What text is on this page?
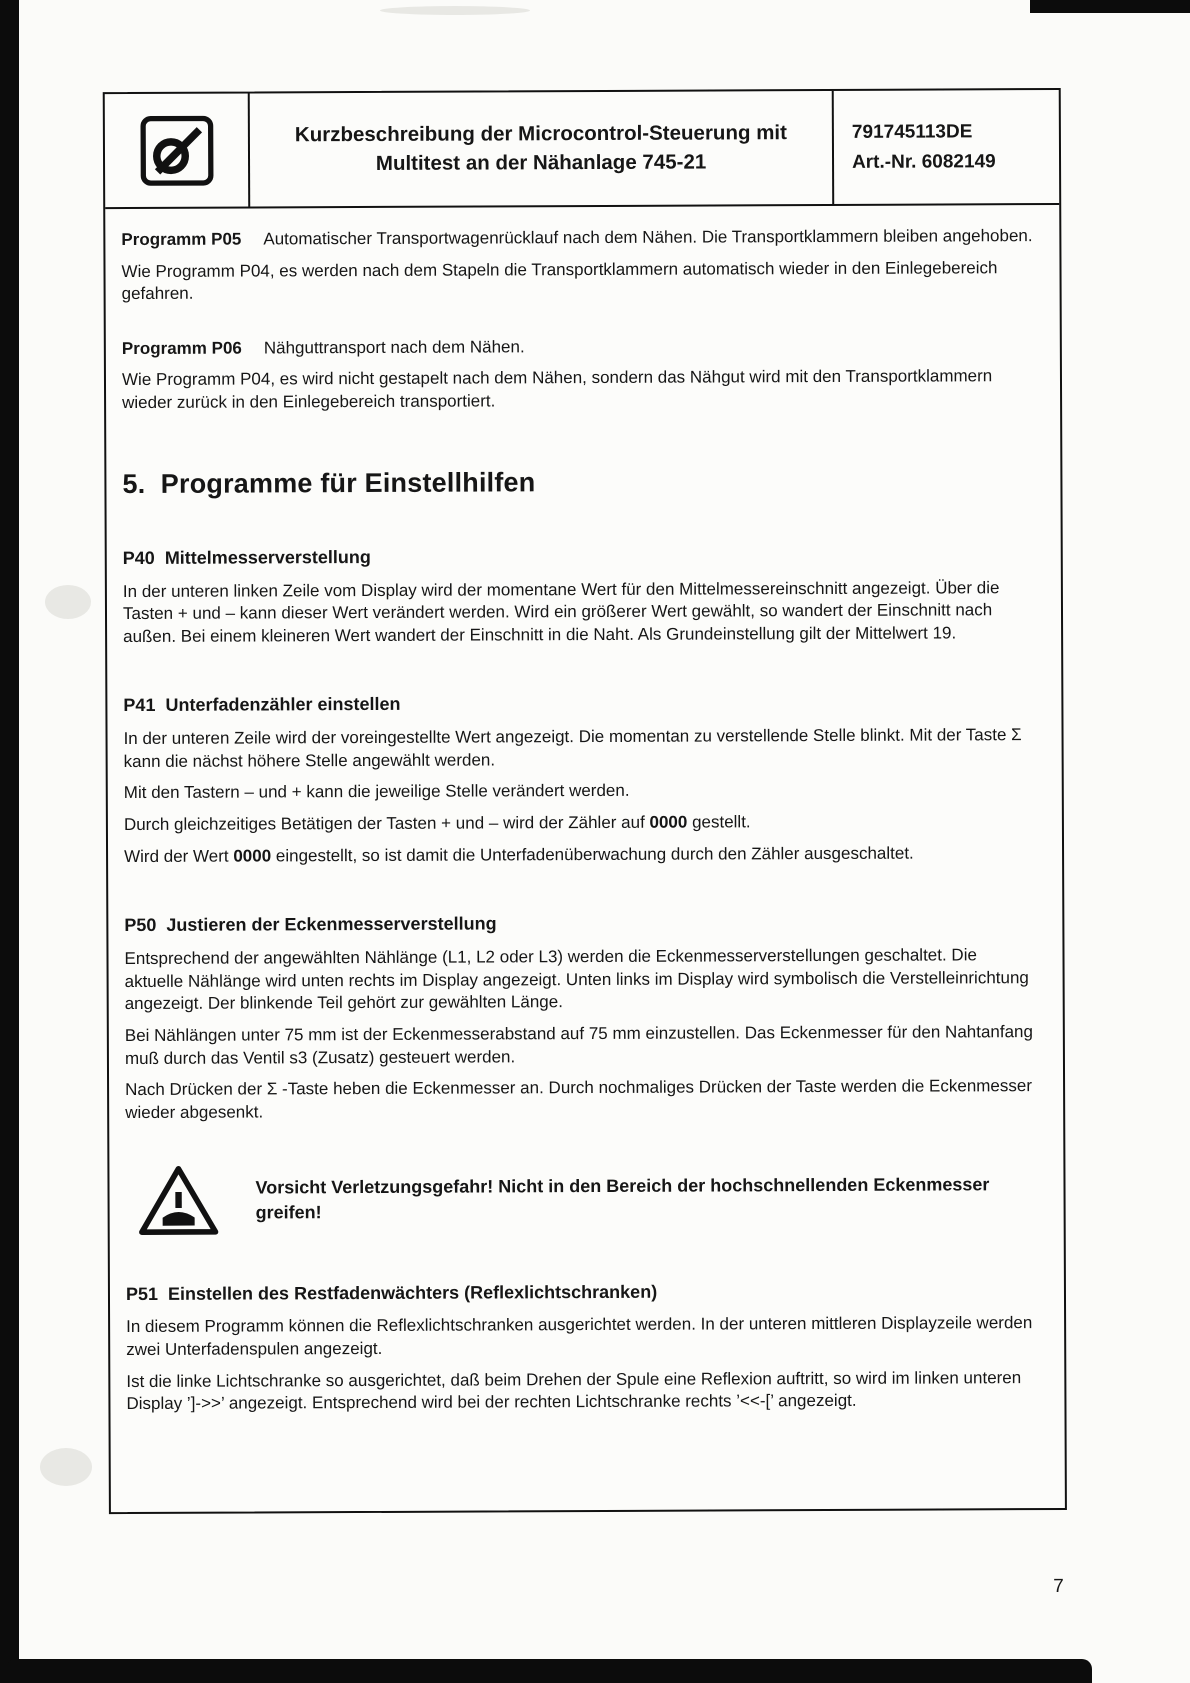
Kurzbeschreibung der Microcontrol-Steuerung mit
Multitest an der Nähanlage 745-21
791745113DE
Art.-Nr. 6082149

Programm P05 Automatischer Transportwagenrücklauf nach dem Nähen. Die Transportklammern bleiben angehoben.

Wie Programm P04, es werden nach dem Stapeln die Transportklammern automatisch wieder in den Einlegebereich gefahren.

Programm P06 Nähguttransport nach dem Nähen.

Wie Programm P04, es wird nicht gestapelt nach dem Nähen, sondern das Nähgut wird mit den Transportklammern wieder zurück in den Einlegebereich transportiert.

5.  Programme für Einstellhilfen
P40  Mittelmesserverstellung

In der unteren linken Zeile vom Display wird der momentane Wert für den Mittelmessereinschnitt angezeigt. Über die Tasten + und – kann dieser Wert verändert werden. Wird ein größerer Wert gewählt, so wandert der Einschnitt nach außen. Bei einem kleineren Wert wandert der Einschnitt in die Naht. Als Grundeinstellung gilt der Mittelwert 19.

P41  Unterfadenzähler einstellen

In der unteren Zeile wird der voreingestellte Wert angezeigt. Die momentan zu verstellende Stelle blinkt. Mit der Taste Σ kann die nächst höhere Stelle angewählt werden.

Mit den Tastern – und + kann die jeweilige Stelle verändert werden.

Durch gleichzeitiges Betätigen der Tasten + und – wird der Zähler auf 0000 gestellt.

Wird der Wert 0000 eingestellt, so ist damit die Unterfadenüberwachung durch den Zähler ausgeschaltet.

P50  Justieren der Eckenmesserverstellung

Entsprechend der angewählten Nählänge (L1, L2 oder L3) werden die Eckenmesserverstellungen geschaltet. Die aktuelle Nählänge wird unten rechts im Display angezeigt. Unten links im Display wird symbolisch die Verstelleinrichtung angezeigt. Der blinkende Teil gehört zur gewählten Länge.

Bei Nählängen unter 75 mm ist der Eckenmesserabstand auf 75 mm einzustellen. Das Eckenmesser für den Nahtanfang muß durch das Ventil s3 (Zusatz) gesteuert werden.

Nach Drücken der Σ -Taste heben die Eckenmesser an. Durch nochmaliges Drücken der Taste werden die Eckenmesser wieder abgesenkt.

Vorsicht Verletzungsgefahr! Nicht in den Bereich der hochschnellenden Eckenmesser greifen!

P51  Einstellen des Restfadenwächters (Reflexlichtschranken)

In diesem Programm können die Reflexlichtschranken ausgerichtet werden. In der unteren mittleren Displayzeile werden zwei Unterfadenspulen angezeigt.

Ist die linke Lichtschranke so ausgerichtet, daß beim Drehen der Spule eine Reflexion auftritt, so wird im linken unteren Display ’]->>’ angezeigt. Entsprechend wird bei der rechten Lichtschranke rechts ’<<-[’ angezeigt.

7
